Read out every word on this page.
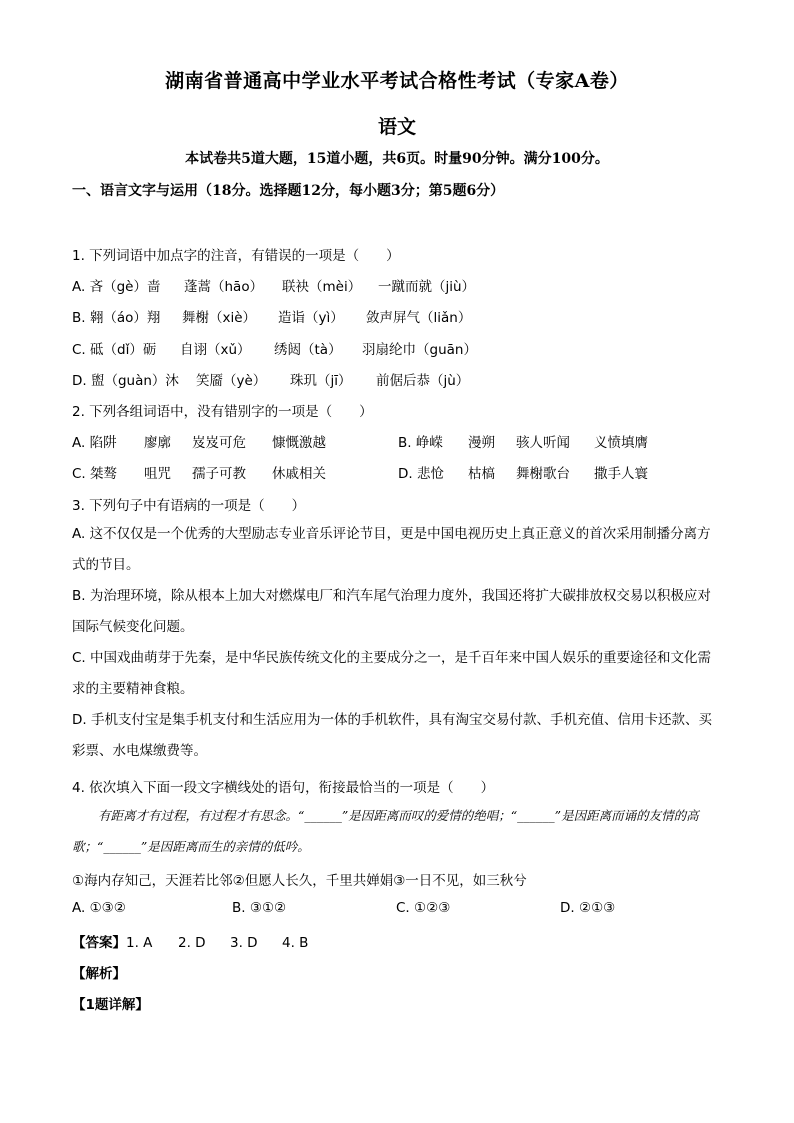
湖南省普通高中学业水平考试合格性考试（专家A卷）
语文
本试卷共5道大题，15道小题，共6页。时量90分钟。满分100分。
一、语言文字与运用（18分。选择题12分，每小题3分；第5题6分）
1. 下列词语中加点字的注音，有错误的一项是（　　）
A. 吝（gè）啬 蓬蒿（hāo） 联袂（mèi） 一蹴而就（jiù）
B. 翱（áo）翔 舞榭（xiè） 造诣（yì） 敛声屏气（liǎn）
C. 砥（dǐ）砺 自诩（xǔ） 绣闼（tà） 羽扇纶巾（guān）
D. 盥（guàn）沐 笑靥（yè） 珠玑（jī） 前倨后恭（jù）
2. 下列各组词语中，没有错别字的一项是（　　）
A. 陷阱 廖廓 岌岌可危 慷慨激越	B. 峥嵘 漫朔 骇人听闻 义愤填膺
C. 桀骜 咀咒 孺子可教 休戚相关	D. 悲怆 枯槁 舞榭歌台 撒手人寰
3. 下列句子中有语病的一项是（　　）
A. 这不仅仅是一个优秀的大型励志专业音乐评论节目，更是中国电视历史上真正意义的首次采用制播分离方式的节目。
B. 为治理环境，除从根本上加大对燃煤电厂和汽车尾气治理力度外，我国还将扩大碳排放权交易以积极应对国际气候变化问题。
C. 中国戏曲萌芽于先秦，是中华民族传统文化的主要成分之一，是千百年来中国人娱乐的重要途径和文化需求的主要精神食粮。
D. 手机支付宝是集手机支付和生活应用为一体的手机软件，具有淘宝交易付款、手机充值、信用卡还款、买彩票、水电煤缴费等。
4. 依次填入下面一段文字横线处的语句，衔接最恰当的一项是（　　）
有距离才有过程，有过程才有思念。“______”是因距离而叹的爱情的绝唱；“______”是因距离而诵的友情的高歌；“______”是因距离而生的亲情的低吟。
①海内存知己，天涯若比邻②但愿人长久，千里共婵娟③一日不见，如三秋兮
A. ①③②	B. ③①②	C. ①②③	D. ②①③
【答案】1. A 2. D 3. D 4. B
【解析】
【1题详解】
